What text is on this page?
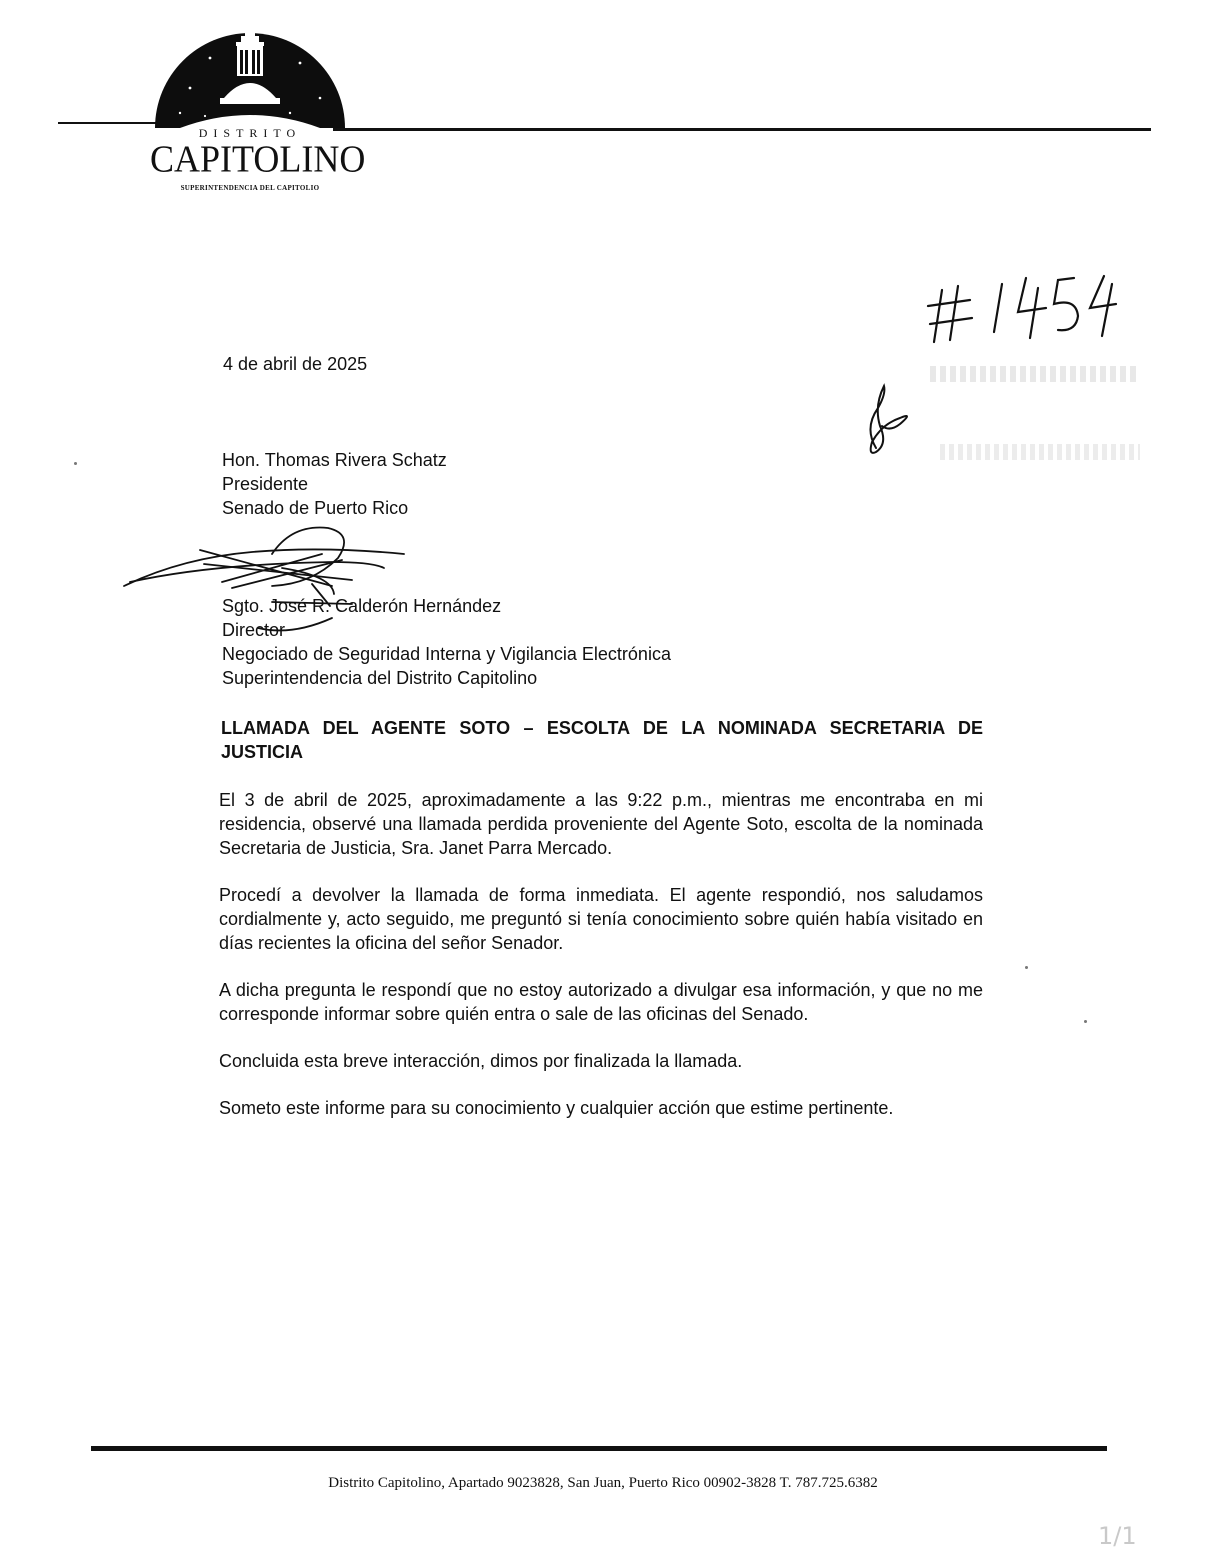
DISTRITO
CAPITOLINO
SUPERINTENDENCIA DEL CAPITOLIO
4 de abril de 2025
Hon. Thomas Rivera Schatz
Presidente
Senado de Puerto Rico
Sgto. José R. Calderón Hernández
Director
Negociado de Seguridad Interna y Vigilancia Electrónica
Superintendencia del Distrito Capitolino
LLAMADA DEL AGENTE SOTO – ESCOLTA DE LA NOMINADA SECRETARIA DE JUSTICIA

El 3 de abril de 2025, aproximadamente a las 9:22 p.m., mientras me encontraba en mi residencia, observé una llamada perdida proveniente del Agente Soto, escolta de la nominada Secretaria de Justicia, Sra. Janet Parra Mercado.

Procedí a devolver la llamada de forma inmediata. El agente respondió, nos saludamos cordialmente y, acto seguido, me preguntó si tenía conocimiento sobre quién había visitado en días recientes la oficina del señor Senador.

A dicha pregunta le respondí que no estoy autorizado a divulgar esa información, y que no me corresponde informar sobre quién entra o sale de las oficinas del Senado.

Concluida esta breve interacción, dimos por finalizada la llamada.

Someto este informe para su conocimiento y cualquier acción que estime pertinente.

Distrito Capitolino, Apartado 9023828, San Juan, Puerto Rico 00902-3828 T. 787.725.6382
1/1
